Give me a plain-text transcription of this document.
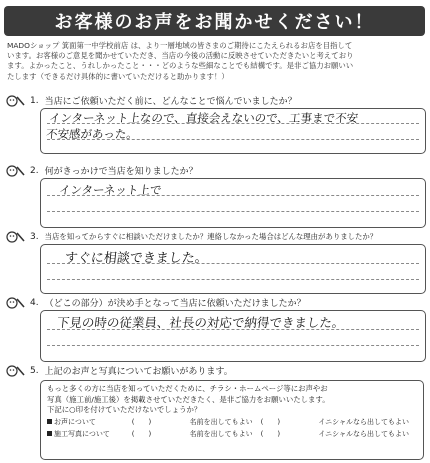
お客様のお声をお聞かせください！
MADOショップ 箕面第一中学校前店 は、より一層地域の皆さまのご期待にこたえられるお店を目指して
います。お客様のご意見を聞かせていただき、当店の今後の活動に反映させていただきたいと考えており
ます。よかったこと、うれしかったこと・・・どのような些細なことでも結構です。是非ご協力お願いい
たします（できるだけ具体的に書いていただけると助かります！）
1. 当店にご依頼いただく前に、どんなことで悩んでいましたか？
インターネット上なので、直接会えないので、工事まで不安
不安感があった。
2. 何がきっかけで当店を知りましたか？
インターネット上で
3. 当店を知ってからすぐに相談いただけましたか？連絡しなかった場合はどんな理由がありましたか？
すぐに相談できました。
4. （どこの部分）が決め手となって当店に依頼いただけましたか？
下見の時の従業員、社長の対応で納得できました。
5. 上記のお声と写真についてお願いがあります。
もっと多くの方に当店を知っていただくために、チラシ・ホームページ等にお声やお
写真（施工前/施工後）を掲載させていただきたく、是非ご協力をお願いいたします。
下記に○印を付けていただけないでしょうか？
お声について	(　　)	名前を出してもよい (　　)	イニシャルなら出してもよい
施工写真について	(　　)	名前を出してもよい (　　)	イニシャルなら出してもよい
